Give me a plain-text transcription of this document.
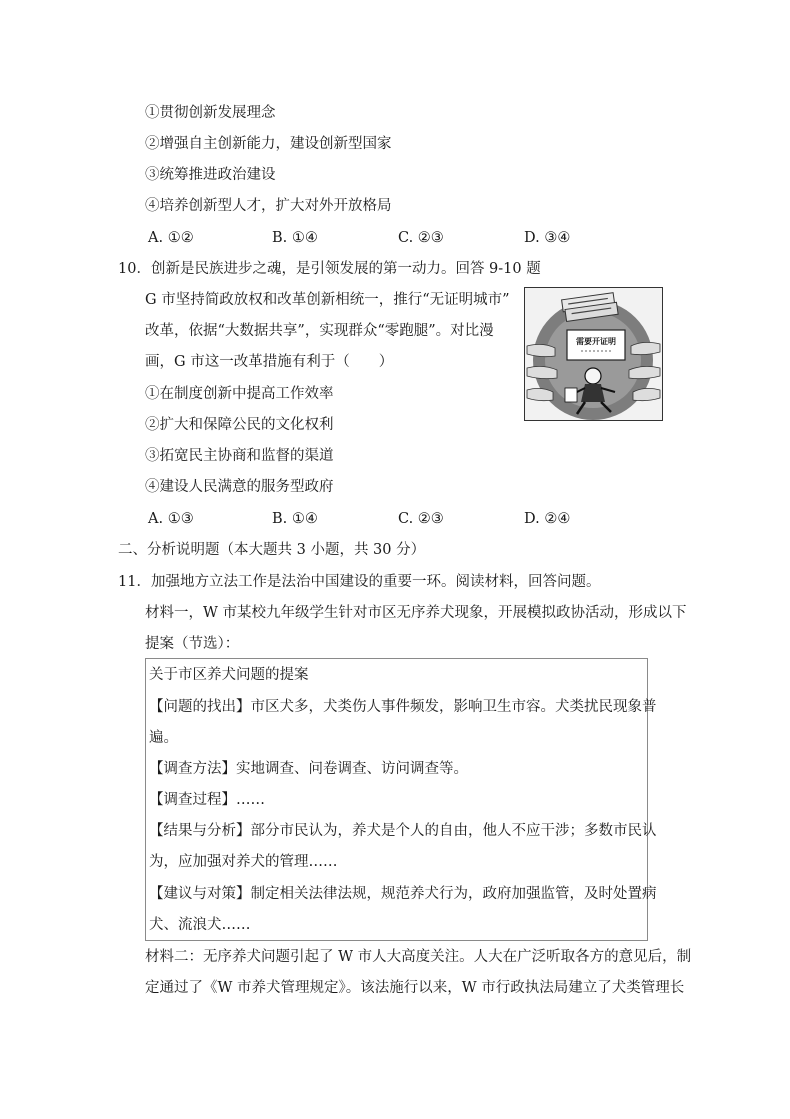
①贯彻创新发展理念
②增强自主创新能力，建设创新型国家
③统筹推进政治建设
④培养创新型人才，扩大对外开放格局
A. ①②	B. ①④	C. ②③	D. ③④
10．创新是民族进步之魂，是引领发展的第一动力。回答 9-10 题
G 市坚持简政放权和改革创新相统一，推行“无证明城市”
改革，依据“大数据共享”，实现群众“零跑腿”。对比漫
画，G 市这一改革措施有利于（　　）
①在制度创新中提高工作效率
②扩大和保障公民的文化权利
③拓宽民主协商和监督的渠道
④建设人民满意的服务型政府
A. ①③	B. ①④	C. ②③	D. ②④
需要开证明
二、分析说明题（本大题共 3 小题，共 30 分）
11．加强地方立法工作是法治中国建设的重要一环。阅读材料，回答问题。
材料一，W 市某校九年级学生针对市区无序养犬现象，开展模拟政协活动，形成以下
提案（节选）：
关于市区养犬问题的提案
【问题的找出】市区犬多，犬类伤人事件频发，影响卫生市容。犬类扰民现象普
遍。
【调查方法】实地调查、问卷调查、访问调查等。
【调查过程】……
【结果与分析】部分市民认为，养犬是个人的自由，他人不应干涉；多数市民认
为，应加强对养犬的管理……
【建议与对策】制定相关法律法规，规范养犬行为，政府加强监管，及时处置病
犬、流浪犬……
材料二：无序养犬问题引起了 W 市人大高度关注。人大在广泛听取各方的意见后，制
定通过了《W 市养犬管理规定》。该法施行以来，W 市行政执法局建立了犬类管理长
